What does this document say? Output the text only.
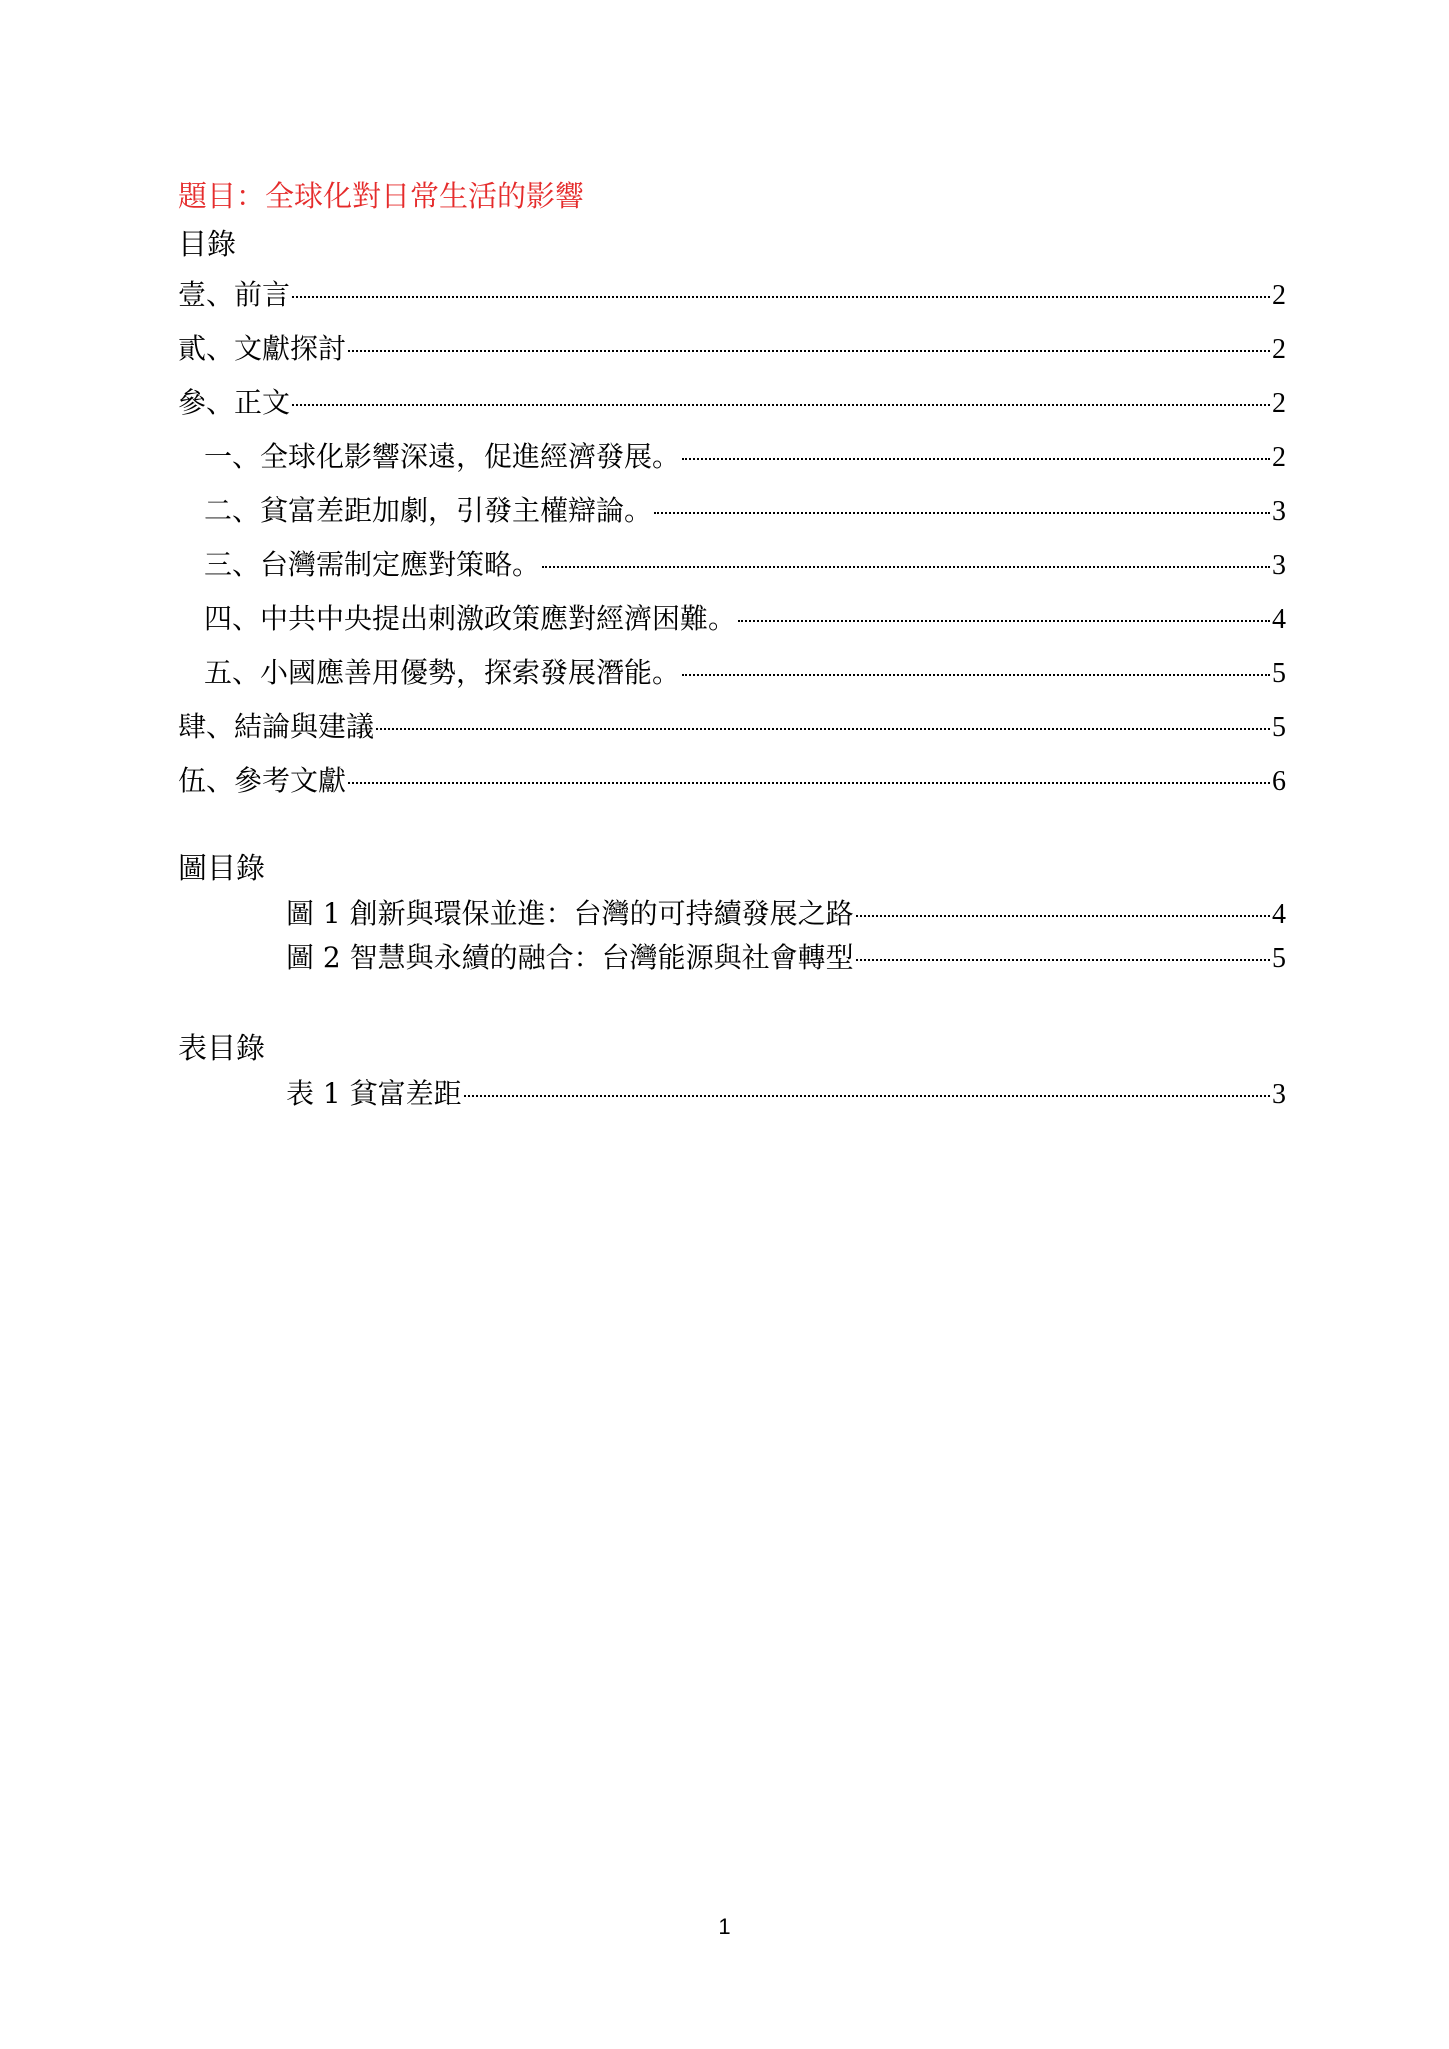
題目：全球化對日常生活的影響
目錄
壹、前言	2
貳、文獻探討	2
參、正文	2
一、全球化影響深遠，促進經濟發展。	2
二、貧富差距加劇，引發主權辯論。	3
三、台灣需制定應對策略。	3
四、中共中央提出刺激政策應對經濟困難。	4
五、小國應善用優勢，探索發展潛能。	5
肆、結論與建議	5
伍、參考文獻	6
圖目錄
圖 1 創新與環保並進：台灣的可持續發展之路	4
圖 2 智慧與永續的融合：台灣能源與社會轉型	5
表目錄
表 1 貧富差距	3
1
